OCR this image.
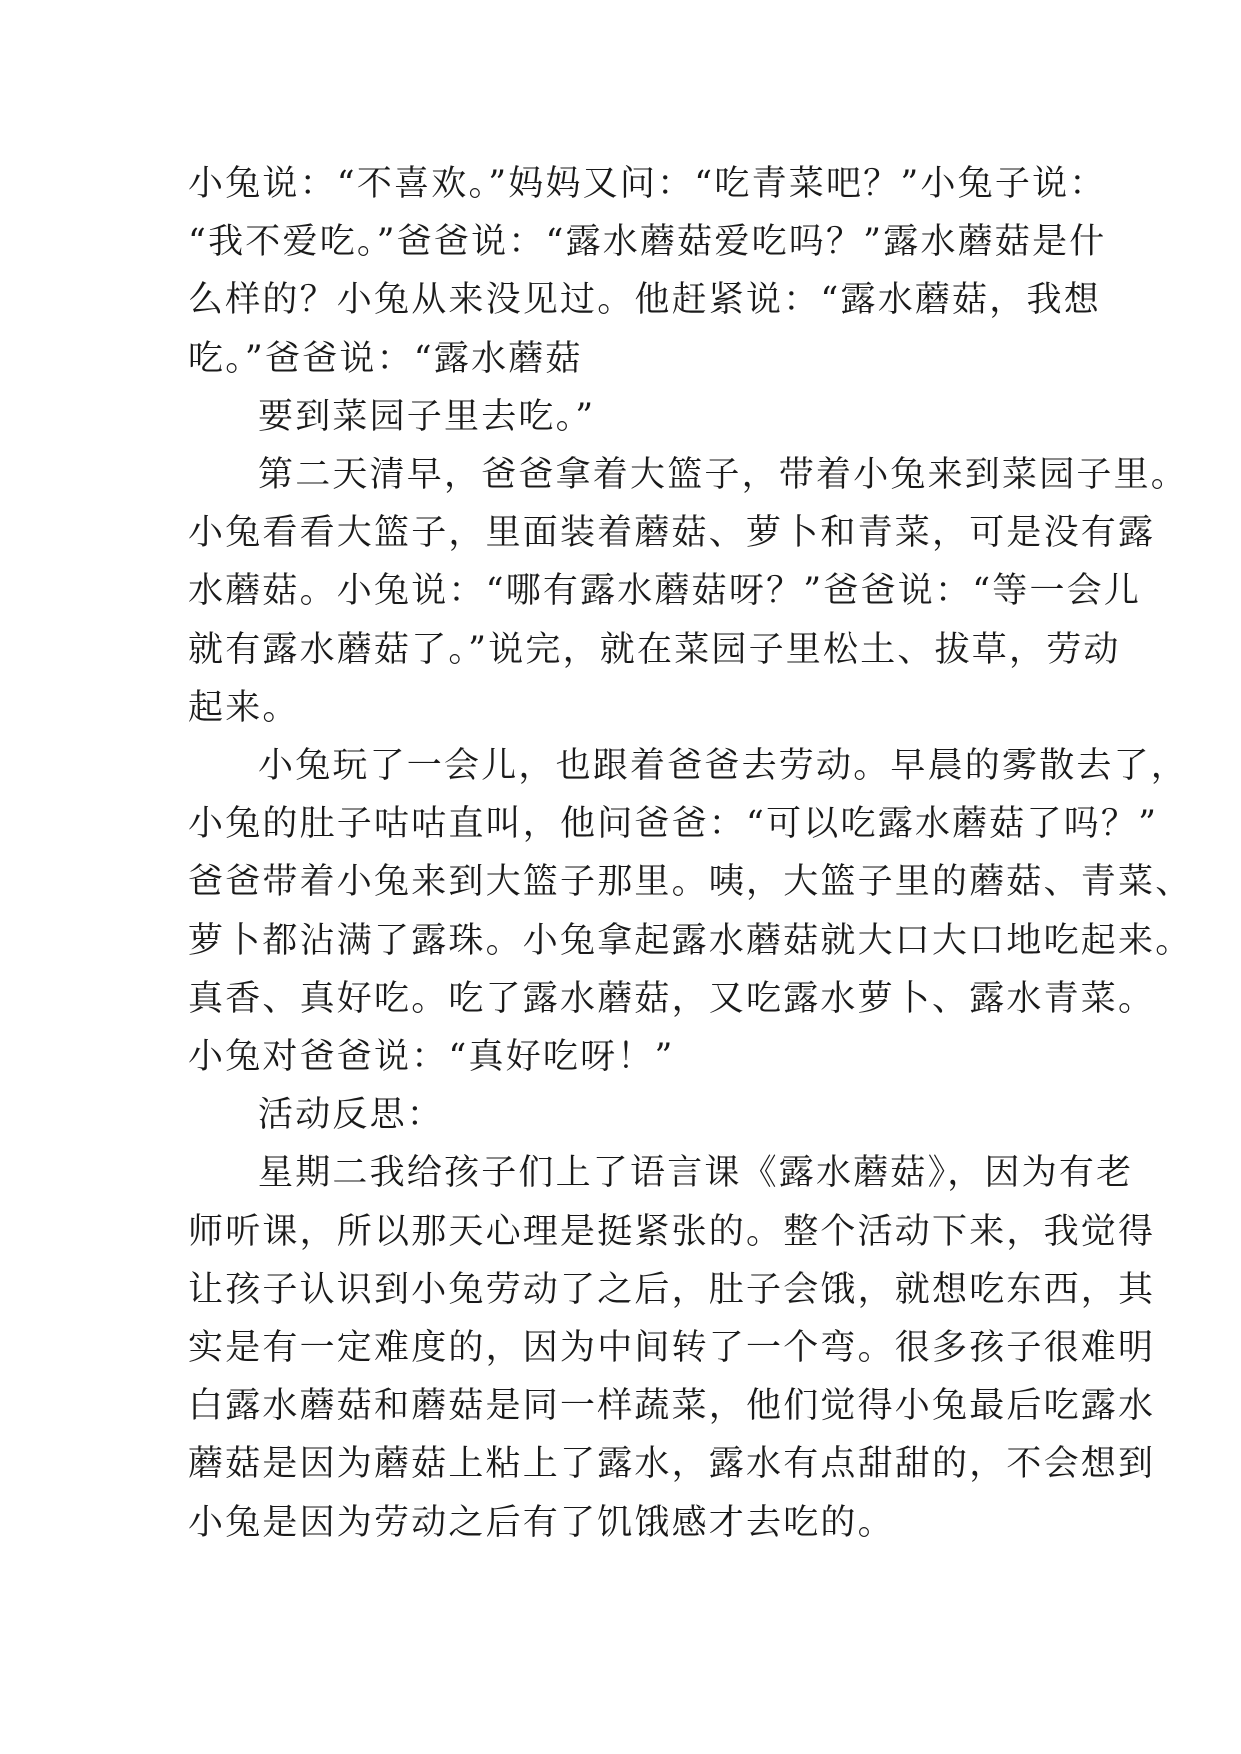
小兔说：“不喜欢。”妈妈又问：“吃青菜吧？”小兔子说：
“我不爱吃。”爸爸说：“露水蘑菇爱吃吗？”露水蘑菇是什
么样的？小兔从来没见过。他赶紧说：“露水蘑菇，我想
吃。”爸爸说：“露水蘑菇

要到菜园子里去吃。”

第二天清早，爸爸拿着大篮子，带着小兔来到菜园子里。
小兔看看大篮子，里面装着蘑菇、萝卜和青菜，可是没有露
水蘑菇。小兔说：“哪有露水蘑菇呀？”爸爸说：“等一会儿
就有露水蘑菇了。”说完，就在菜园子里松土、拔草，劳动
起来。

小兔玩了一会儿，也跟着爸爸去劳动。早晨的雾散去了，
小兔的肚子咕咕直叫，他问爸爸：“可以吃露水蘑菇了吗？”
爸爸带着小兔来到大篮子那里。咦，大篮子里的蘑菇、青菜、
萝卜都沾满了露珠。小兔拿起露水蘑菇就大口大口地吃起来。
真香、真好吃。吃了露水蘑菇，又吃露水萝卜、露水青菜。
小兔对爸爸说：“真好吃呀！”

活动反思：

星期二我给孩子们上了语言课《露水蘑菇》，因为有老
师听课，所以那天心理是挺紧张的。整个活动下来，我觉得
让孩子认识到小兔劳动了之后，肚子会饿，就想吃东西，其
实是有一定难度的，因为中间转了一个弯。很多孩子很难明
白露水蘑菇和蘑菇是同一样蔬菜，他们觉得小兔最后吃露水
蘑菇是因为蘑菇上粘上了露水，露水有点甜甜的，不会想到
小兔是因为劳动之后有了饥饿感才去吃的。
